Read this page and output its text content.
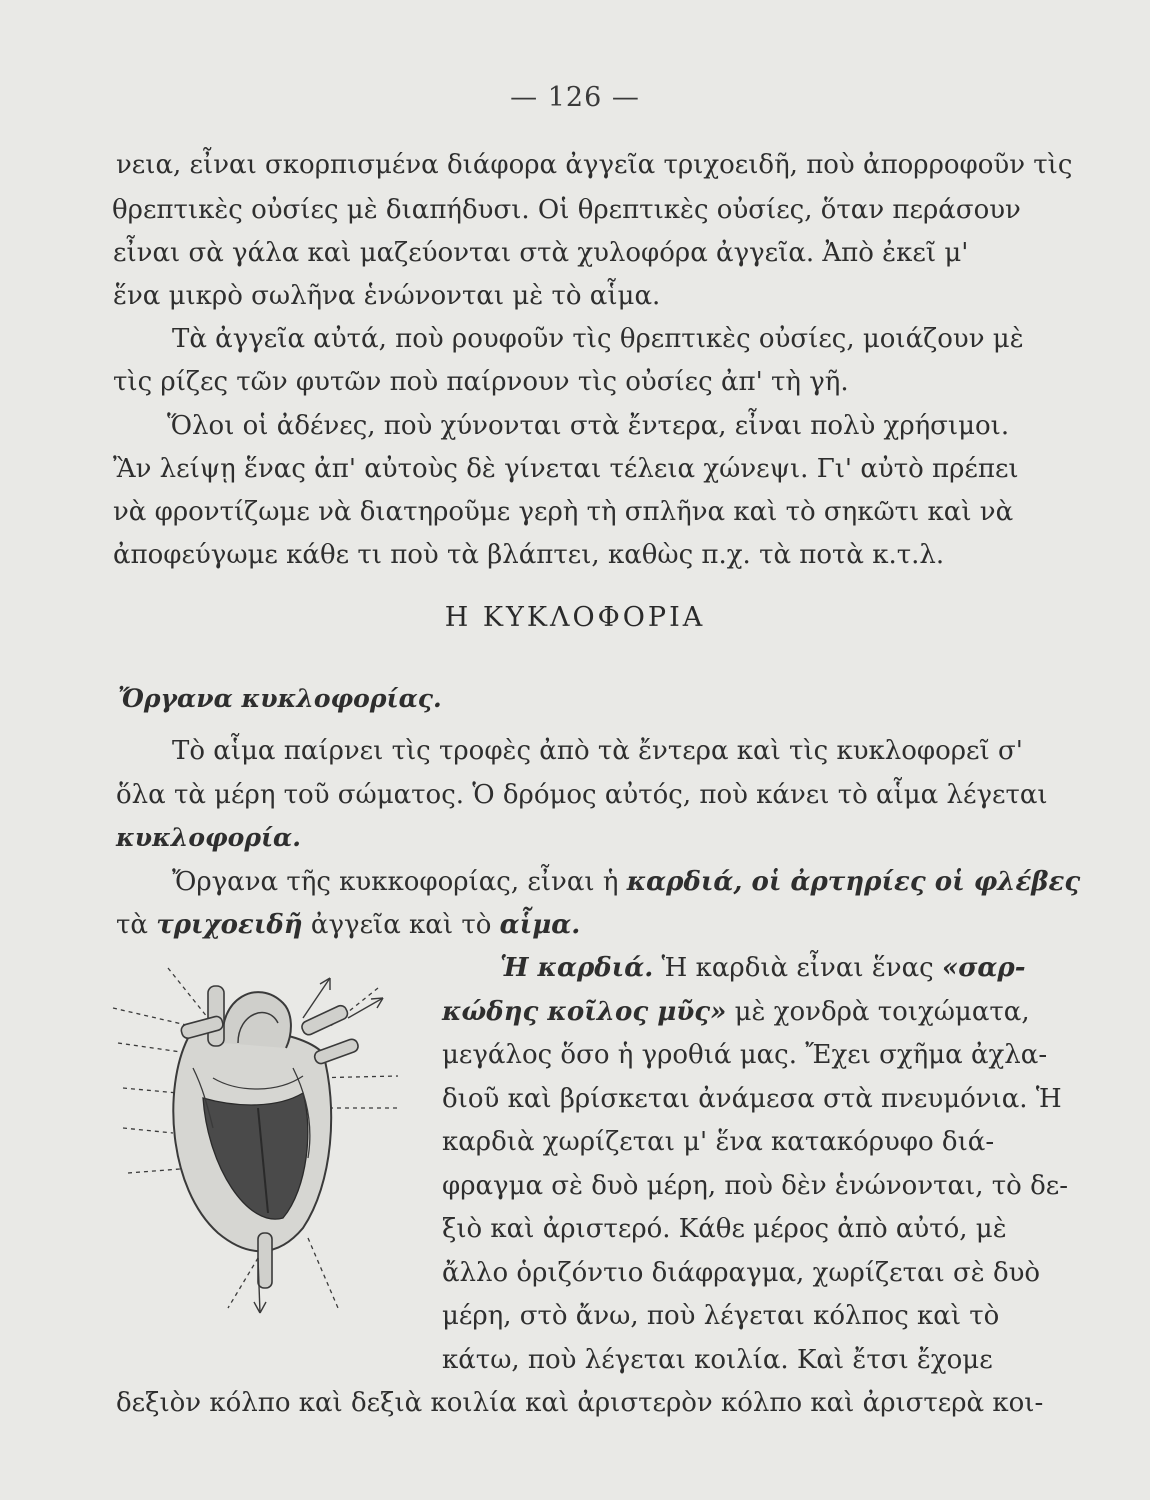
— 126 —
νεια, εἶναι σκορπισμένα διάφορα ἀγγεῖα τριχοειδῆ, ποὺ ἀπορροφοῦν τὶς
θρεπτικὲς οὐσίες μὲ διαπήδυσι. Οἱ θρεπτικὲς οὐσίες, ὅταν περάσουν
εἶναι σὰ γάλα καὶ μαζεύονται στὰ χυλοφόρα ἀγγεῖα. Ἀπὸ ἐκεῖ μ'
ἕνα μικρὸ σωλῆνα ἑνώνονται μὲ τὸ αἷμα.
Τὰ ἀγγεῖα αὐτά, ποὺ ρουφοῦν τὶς θρεπτικὲς οὐσίες, μοιάζουν μὲ
τὶς ρίζες τῶν φυτῶν ποὺ παίρνουν τὶς οὐσίες ἀπ' τὴ γῆ.
Ὅλοι οἱ ἀδένες, ποὺ χύνονται στὰ ἔντερα, εἶναι πολὺ χρήσιμοι.
Ἂν λείψῃ ἕνας ἀπ' αὐτοὺς δὲ γίνεται τέλεια χώνεψι. Γι' αὐτὸ πρέπει
νὰ φροντίζωμε νὰ διατηροῦμε γερὴ τὴ σπλῆνα καὶ τὸ σηκῶτι καὶ νὰ
ἀποφεύγωμε κάθε τι ποὺ τὰ βλάπτει, καθὼς π.χ. τὰ ποτὰ κ.τ.λ.
Η ΚΥΚΛΟΦΟΡΙΑ
Ὄργανα κυκλοφορίας.
Τὸ αἷμα παίρνει τὶς τροφὲς ἀπὸ τὰ ἔντερα καὶ τὶς κυκλοφορεῖ σ'
ὅλα τὰ μέρη τοῦ σώματος. Ὁ δρόμος αὐτός, ποὺ κάνει τὸ αἷμα λέγεται
κυκλοφορία.
Ὄργανα τῆς κυκκοφορίας, εἶναι ἡ καρδιά, οἱ ἀρτηρίες οἱ φλέβες
τὰ τριχοειδῆ ἀγγεῖα καὶ τὸ αἷμα.
Ἡ καρδιά. Ἡ καρδιὰ εἶναι ἕνας «σαρ-
κώδης κοῖλος μῦς» μὲ χονδρὰ τοιχώματα,
μεγάλος ὅσο ἡ γροθιά μας. Ἔχει σχῆμα ἀχλα-
διοῦ καὶ βρίσκεται ἀνάμεσα στὰ πνευμόνια. Ἡ
καρδιὰ χωρίζεται μ' ἕνα κατακόρυφο διά-
φραγμα σὲ δυὸ μέρη, ποὺ δὲν ἑνώνονται, τὸ δε-
ξιὸ καὶ ἀριστερό. Κάθε μέρος ἀπὸ αὐτό, μὲ
ἄλλο ὁριζόντιο διάφραγμα, χωρίζεται σὲ δυὸ
μέρη, στὸ ἄνω, ποὺ λέγεται κόλπος καὶ τὸ
κάτω, ποὺ λέγεται κοιλία. Καὶ ἔτσι ἔχομε
δεξιὸν κόλπο καὶ δεξιὰ κοιλία καὶ ἀριστερὸν κόλπο καὶ ἀριστερὰ κοι-
